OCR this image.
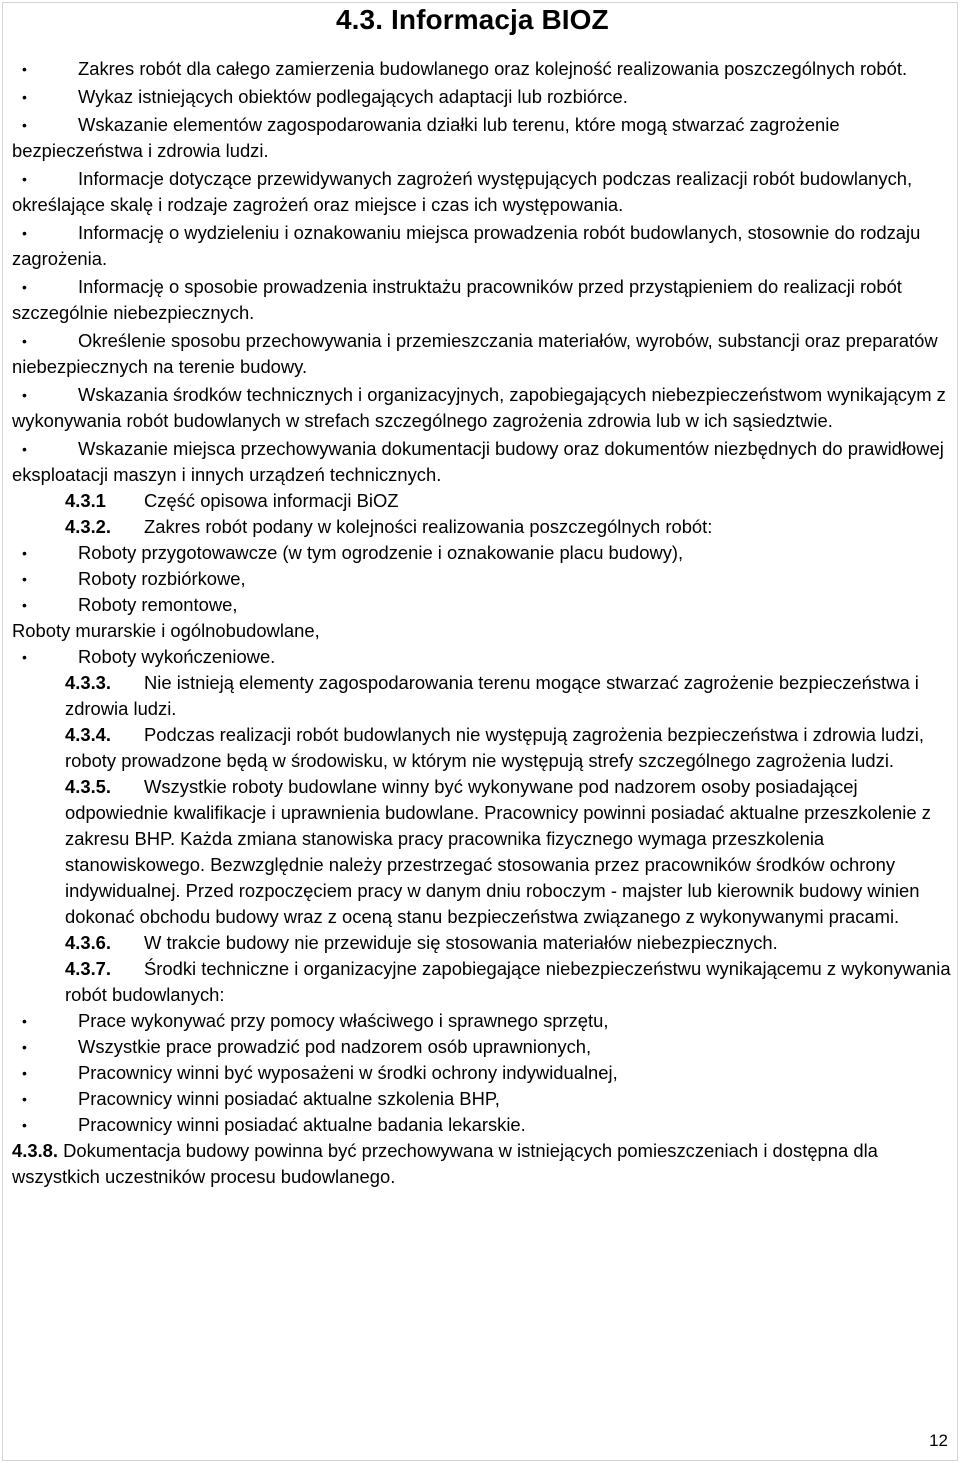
4.3. Informacja BIOZ
•	Zakres robót dla całego zamierzenia budowlanego oraz kolejność realizowania poszczególnych robót.
•	Wykaz istniejących obiektów podlegających adaptacji lub rozbiórce.
•	Wskazanie elementów zagospodarowania działki lub terenu, które mogą stwarzać zagrożenie bezpieczeństwa i zdrowia ludzi.
•	Informacje dotyczące przewidywanych zagrożeń występujących podczas realizacji robót budowlanych, określające skalę i rodzaje zagrożeń oraz miejsce i czas ich występowania.
•	Informację o wydzieleniu i oznakowaniu miejsca prowadzenia robót budowlanych, stosownie do rodzaju zagrożenia.
•	Informację o sposobie prowadzenia instruktażu pracowników przed przystąpieniem do realizacji robót szczególnie niebezpiecznych.
•	Określenie sposobu przechowywania i przemieszczania materiałów, wyrobów, substancji oraz preparatów niebezpiecznych na terenie budowy.
•	Wskazania środków technicznych i organizacyjnych, zapobiegających niebezpieczeństwom wynikającym z wykonywania robót budowlanych w strefach szczególnego zagrożenia zdrowia lub w ich sąsiedztwie.
•	Wskazanie miejsca przechowywania dokumentacji budowy oraz dokumentów niezbędnych do prawidłowej eksploatacji maszyn i innych urządzeń technicznych.
4.3.1 Część opisowa informacji BiOZ
4.3.2. Zakres robót podany w kolejności realizowania poszczególnych robót:
•	Roboty przygotowawcze (w tym ogrodzenie i oznakowanie placu budowy),
•	Roboty rozbiórkowe,
•	Roboty remontowe,
Roboty murarskie i ogólnobudowlane,
•	Roboty wykończeniowe.
4.3.3. Nie istnieją elementy zagospodarowania terenu mogące stwarzać zagrożenie bezpieczeństwa i zdrowia ludzi.
4.3.4. Podczas realizacji robót budowlanych nie występują zagrożenia bezpieczeństwa i zdrowia ludzi, roboty prowadzone będą w środowisku, w którym nie występują strefy szczególnego zagrożenia ludzi.
4.3.5. Wszystkie roboty budowlane winny być wykonywane pod nadzorem osoby posiadającej odpowiednie kwalifikacje i uprawnienia budowlane. Pracownicy powinni posiadać aktualne przeszkolenie z zakresu BHP. Każda zmiana stanowiska pracy pracownika fizycznego wymaga przeszkolenia stanowiskowego. Bezwzględnie należy przestrzegać stosowania przez pracowników środków ochrony indywidualnej. Przed rozpoczęciem pracy w danym dniu roboczym - majster lub kierownik budowy winien dokonać obchodu budowy wraz z oceną stanu bezpieczeństwa związanego z wykonywanymi pracami.
4.3.6. W trakcie budowy nie przewiduje się stosowania materiałów niebezpiecznych.
4.3.7. Środki techniczne i organizacyjne zapobiegające niebezpieczeństwu wynikającemu z wykonywania robót budowlanych:
•	Prace wykonywać przy pomocy właściwego i sprawnego sprzętu,
•	Wszystkie prace prowadzić pod nadzorem osób uprawnionych,
•	Pracownicy winni być wyposażeni w środki ochrony indywidualnej,
•	Pracownicy winni posiadać aktualne szkolenia BHP,
•	Pracownicy winni posiadać aktualne badania lekarskie.
4.3.8. Dokumentacja budowy powinna być przechowywana w istniejących pomieszczeniach i dostępna dla wszystkich uczestników procesu budowlanego.
12
